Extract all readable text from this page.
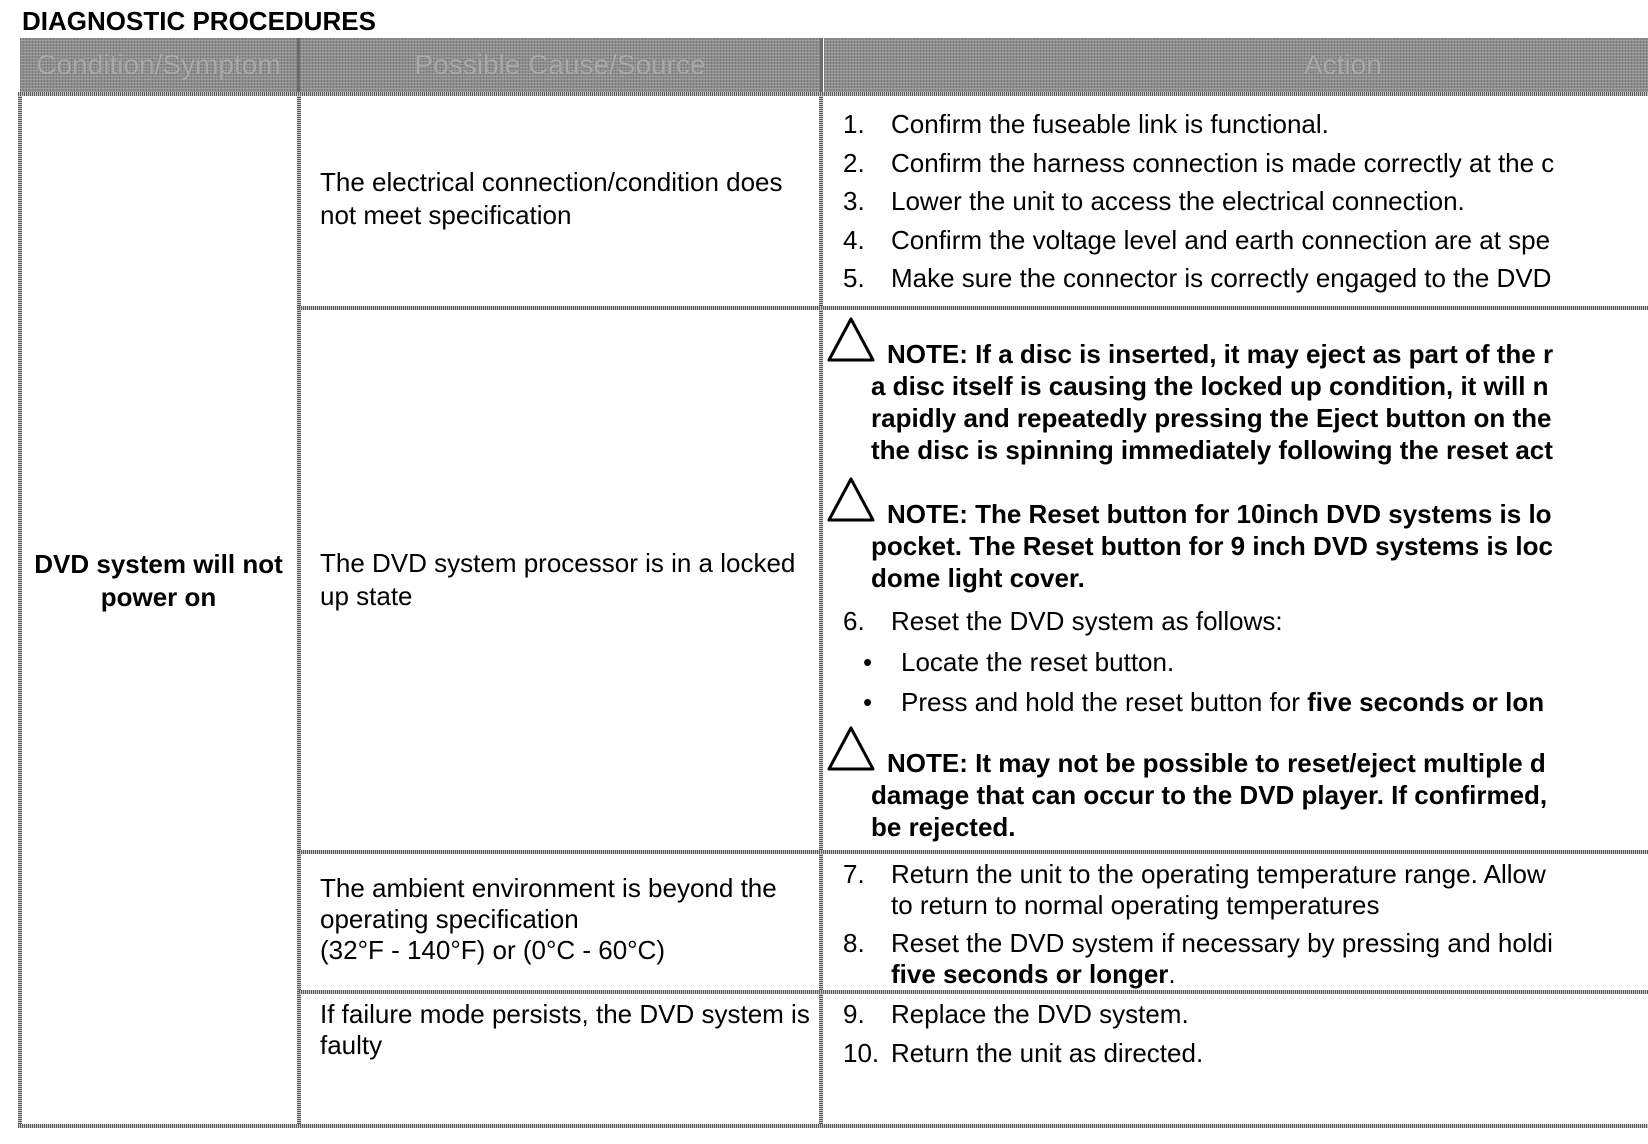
DIAGNOSTIC PROCEDURES
Condition/Symptom	Possible Cause/Source	Action
DVD system will not
power on
The electrical connection/condition does
not meet specification
The DVD system processor is in a locked
up state
The ambient environment is beyond the
operating specification
(32°F - 140°F) or (0°C - 60°C)
If failure mode persists, the DVD system is
faulty
1. Confirm the fuseable link is functional.
2. Confirm the harness connection is made correctly at the c
3. Lower the unit to access the electrical connection.
4. Confirm the voltage level and earth connection are at spe
5. Make sure the connector is correctly engaged to the DVD
NOTE: If a disc is inserted, it may eject as part of the r
a disc itself is causing the locked up condition, it will n
rapidly and repeatedly pressing the Eject button on the
the disc is spinning immediately following the reset act
NOTE: The Reset button for 10inch DVD systems is lo
pocket. The Reset button for 9 inch DVD systems is loc
dome light cover.
6. Reset the DVD system as follows:
• Locate the reset button.
• Press and hold the reset button for five seconds or lon
NOTE: It may not be possible to reset/eject multiple d
damage that can occur to the DVD player. If confirmed,
be rejected.
7. Return the unit to the operating temperature range. Allow
to return to normal operating temperatures
8. Reset the DVD system if necessary by pressing and holdi
five seconds or longer.
9. Replace the DVD system.
10. Return the unit as directed.
